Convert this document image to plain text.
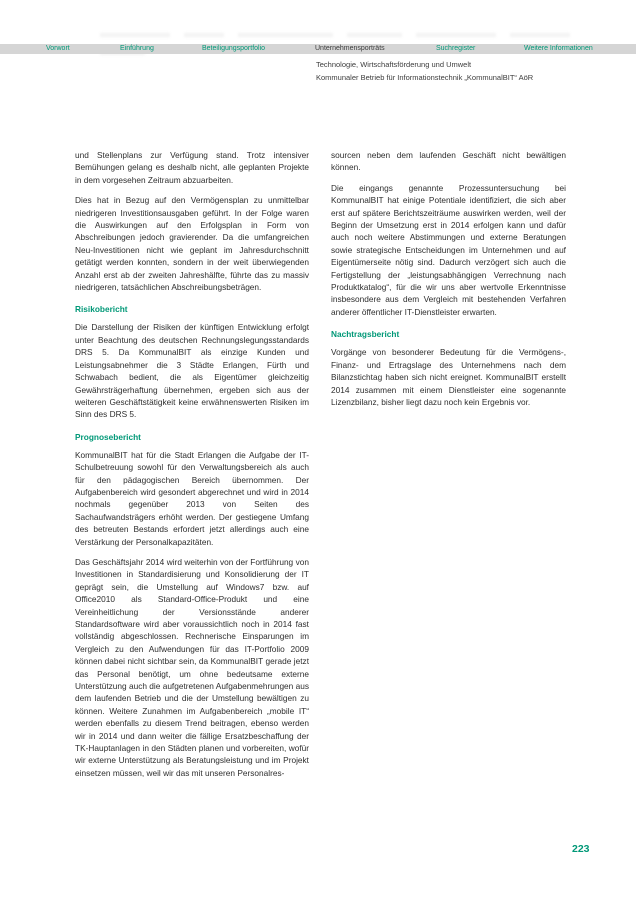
Vorwort	Einführung	Beteiligungsportfolio	Unternehmensporträts	Suchregister	Weitere Informationen
Technologie, Wirtschaftsförderung und Umwelt
Kommunaler Betrieb für Informationstechnik „KommunalBIT“ AöR

und Stellenplans zur Verfügung stand. Trotz intensiver Bemühungen gelang es deshalb nicht, alle geplanten Projekte in dem vorgesehen Zeitraum abzuarbeiten.

Dies hat in Bezug auf den Vermögensplan zu unmittelbar niedrigeren Investitionsausgaben geführt. In der Folge waren die Auswirkungen auf den Erfolgsplan in Form von Abschreibungen jedoch gravierender. Da die umfangreichen Neu-Investitionen nicht wie geplant im Jahresdurchschnitt getätigt werden konnten, sondern in der weit überwiegenden Anzahl erst ab der zweiten Jahreshälfte, führte das zu massiv niedrigeren, tatsächlichen Abschreibungsbeträgen.

Risikobericht

Die Darstellung der Risiken der künftigen Entwicklung erfolgt unter Beachtung des deutschen Rechnungslegungsstandards DRS 5. Da KommunalBIT als einzige Kunden und Leistungsabnehmer die 3 Städte Erlangen, Fürth und Schwabach bedient, die als Eigentümer gleichzeitig Gewährsträgerhaftung übernehmen, ergeben sich aus der weiteren Geschäftstätigkeit keine erwähnenswerten Risiken im Sinn des DRS 5.

Prognosebericht

KommunalBIT hat für die Stadt Erlangen die Aufgabe der IT-Schulbetreuung sowohl für den Verwaltungsbereich als auch für den pädagogischen Bereich übernommen. Der Aufgabenbereich wird gesondert abgerechnet und wird in 2014 nochmals gegenüber 2013 von Seiten des Sachaufwandsträgers erhöht werden. Der gestiegene Umfang des betreuten Bestands erfordert jetzt allerdings auch eine Verstärkung der Personalkapazitäten.

Das Geschäftsjahr 2014 wird weiterhin von der Fortführung von Investitionen in Standardisierung und Konsolidierung der IT geprägt sein, die Umstellung auf Windows7 bzw. auf Office2010 als Standard-Office-Produkt und eine Vereinheitlichung der Versionsstände anderer Standardsoftware wird aber voraussichtlich noch in 2014 fast vollständig abgeschlossen. Rechnerische Einsparungen im Vergleich zu den Aufwendungen für das IT-Portfolio 2009 können dabei nicht sichtbar sein, da KommunalBIT gerade jetzt das Personal benötigt, um ohne bedeutsame externe Unterstützung auch die aufgetretenen Aufgabenmehrungen aus dem laufenden Betrieb und die der Umstellung bewältigen zu können. Weitere Zunahmen im Aufgabenbereich „mobile IT“ werden ebenfalls zu diesem Trend beitragen, ebenso werden wir in 2014 und dann weiter die fällige Ersatzbeschaffung der TK-Hauptanlagen in den Städten planen und vorbereiten, wofür wir externe Unterstützung als Beratungsleistung und im Projekt einsetzen müssen, weil wir das mit unseren Personalres-

sourcen neben dem laufenden Geschäft nicht bewältigen können.

Die eingangs genannte Prozessuntersuchung bei KommunalBIT hat einige Potentiale identifiziert, die sich aber erst auf spätere Berichtszeiträume auswirken werden, weil der Beginn der Umsetzung erst in 2014 erfolgen kann und dafür auch noch weitere Abstimmungen und externe Beratungen sowie strategische Entscheidungen im Unternehmen und auf Eigentümerseite nötig sind. Dadurch verzögert sich auch die Fertigstellung der „leistungsabhängigen Verrechnung nach Produktkatalog“, für die wir uns aber wertvolle Erkenntnisse insbesondere aus dem Vergleich mit bestehenden Verfahren anderer öffentlicher IT-Dienstleister erwarten.

Nachtragsbericht

Vorgänge von besonderer Bedeutung für die Vermögens-, Finanz- und Ertragslage des Unternehmens nach dem Bilanzstichtag haben sich nicht ereignet. KommunalBIT erstellt 2014 zusammen mit einem Dienstleister eine sogenannte Lizenzbilanz, bisher liegt dazu noch kein Ergebnis vor.

223
